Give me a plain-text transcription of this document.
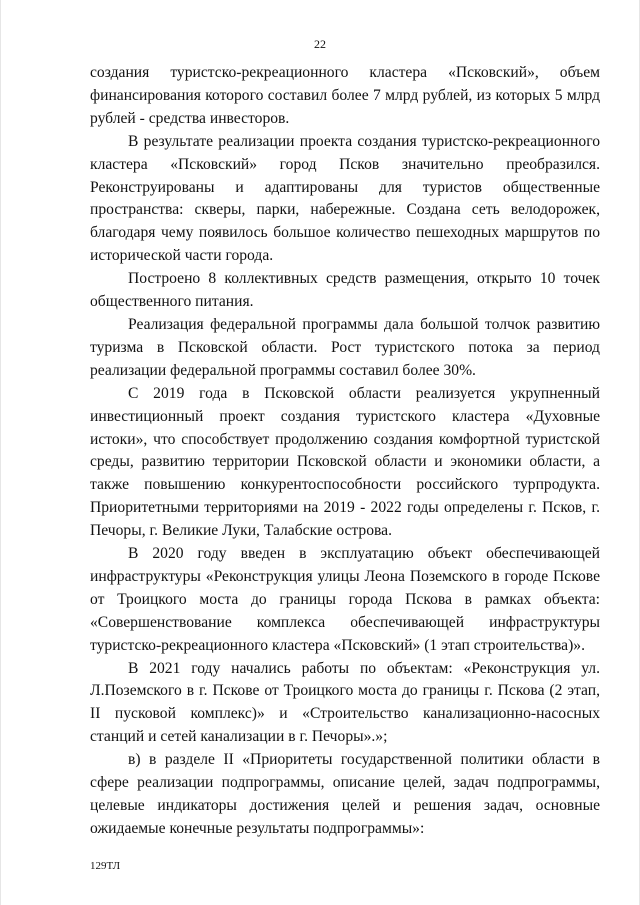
22

создания туристско-рекреационного кластера «Псковский», объем финансирования которого составил более 7 млрд рублей, из которых 5 млрд рублей - средства инвесторов.

В результате реализации проекта создания туристско-рекреационного кластера «Псковский» город Псков значительно преобразился. Реконструированы и адаптированы для туристов общественные пространства: скверы, парки, набережные. Создана сеть велодорожек, благодаря чему появилось большое количество пешеходных маршрутов по исторической части города.

Построено 8 коллективных средств размещения, открыто 10 точек общественного питания.

Реализация федеральной программы дала большой толчок развитию туризма в Псковской области. Рост туристского потока за период реализации федеральной программы составил более 30%.

С 2019 года в Псковской области реализуется укрупненный инвестиционный проект создания туристского кластера «Духовные истоки», что способствует продолжению создания комфортной туристской среды, развитию территории Псковской области и экономики области, а также повышению конкурентоспособности российского турпродукта. Приоритетными территориями на 2019 - 2022 годы определены г. Псков, г. Печоры, г. Великие Луки, Талабские острова.

В 2020 году введен в эксплуатацию объект обеспечивающей инфраструктуры «Реконструкция улицы Леона Поземского в городе Пскове от Троицкого моста до границы города Пскова в рамках объекта: «Совершенствование комплекса обеспечивающей инфраструктуры туристско-рекреационного кластера «Псковский» (1 этап строительства)».

В 2021 году начались работы по объектам: «Реконструкция ул. Л.Поземского в г. Пскове от Троицкого моста до границы г. Пскова (2 этап, II пусковой комплекс)» и «Строительство канализационно-насосных станций и сетей канализации в г. Печоры».»;

в) в разделе II «Приоритеты государственной политики области в сфере реализации подпрограммы, описание целей, задач подпрограммы, целевые индикаторы достижения целей и решения задач, основные ожидаемые конечные результаты подпрограммы»:

129ТЛ
